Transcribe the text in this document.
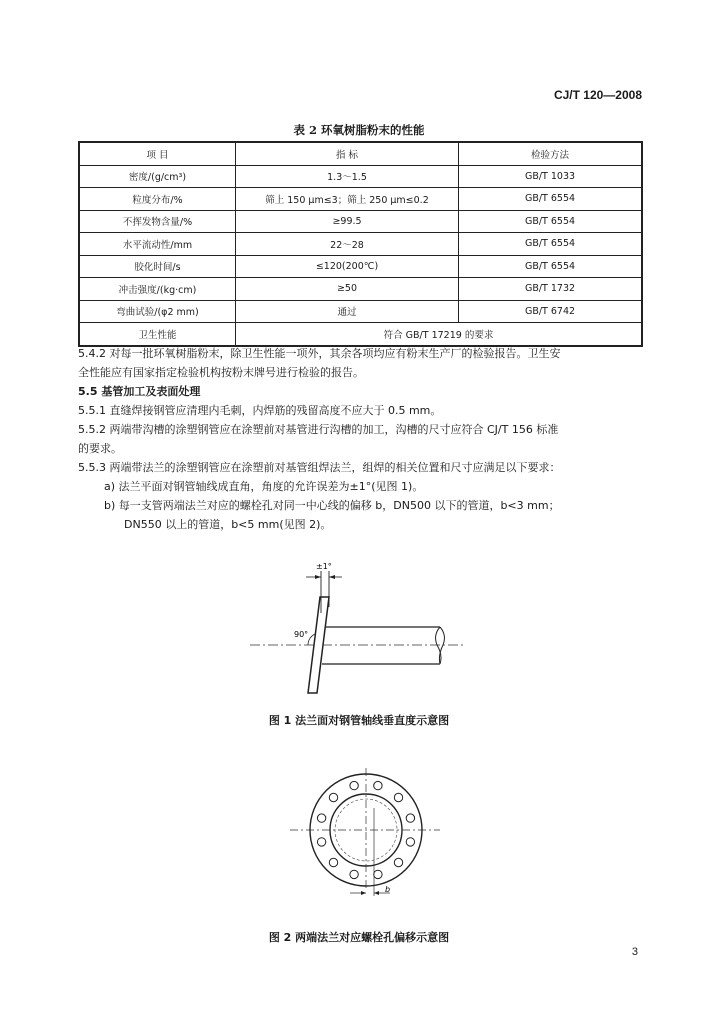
CJ/T 120—2008
表 2 环氧树脂粉末的性能
项 目	指 标	检验方法
密度/(g/cm³)	1.3～1.5	GB/T 1033
粒度分布/%	筛上 150 μm≤3；筛上 250 μm≤0.2	GB/T 6554
不挥发物含量/%	≥99.5	GB/T 6554
水平流动性/mm	22～28	GB/T 6554
胶化时间/s	≤120(200℃)	GB/T 6554
冲击强度/(kg·cm)	≥50	GB/T 1732
弯曲试验/(φ2 mm)	通过	GB/T 6742
卫生性能	符合 GB/T 17219 的要求	
5.4.2 对每一批环氧树脂粉末，除卫生性能一项外，其余各项均应有粉末生产厂的检验报告。卫生安
全性能应有国家指定检验机构按粉末牌号进行检验的报告。
5.5 基管加工及表面处理
5.5.1 直缝焊接钢管应清理内毛刺，内焊筋的残留高度不应大于 0.5 mm。
5.5.2 两端带沟槽的涂塑钢管应在涂塑前对基管进行沟槽的加工，沟槽的尺寸应符合 CJ/T 156 标准
的要求。
5.5.3 两端带法兰的涂塑钢管应在涂塑前对基管组焊法兰，组焊的相关位置和尺寸应满足以下要求：
a) 法兰平面对钢管轴线成直角，角度的允许误差为±1°(见图 1)。
b) 每一支管两端法兰对应的螺栓孔对同一中心线的偏移 b，DN500 以下的管道，b<3 mm；
DN550 以上的管道，b<5 mm(见图 2)。
±1°
90°
图 1 法兰面对钢管轴线垂直度示意图
b
图 2 两端法兰对应螺栓孔偏移示意图
3
